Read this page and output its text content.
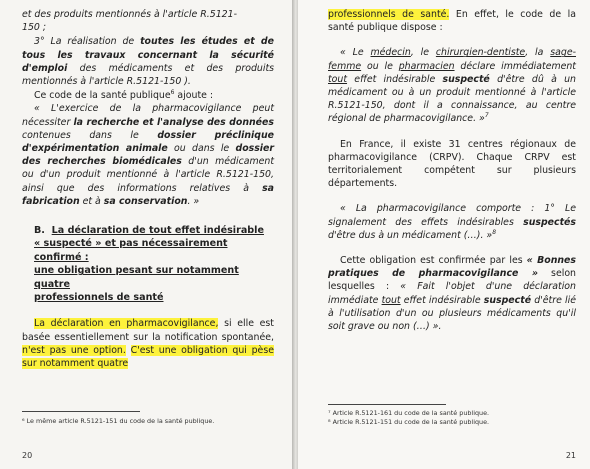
et des produits mentionnés à l'article R.5121-
150 ;

3° La réalisation de toutes les études et de tous les travaux concernant la sécurité d'emploi des médicaments et des produits mentionnés à l'article R.5121-150 ).

Ce code de la santé publique$^6$ ajoute :

« L'exercice de la pharmacovigilance peut nécessiter la recherche et l'analyse des données contenues dans le dossier préclinique d'expérimentation animale ou dans le dossier des recherches biomédicales d'un médicament ou d'un produit mentionné à l'article R.5121-150, ainsi que des informations relatives à sa fabrication et à sa conservation. »

B. La déclaration de tout effet indésirable
« suspecté » et pas nécessairement confirmé :
une obligation pesant sur notamment quatre
professionnels de santé

La déclaration en pharmacovigilance, si elle est basée essentiellement sur la notification spontanée, n'est pas une option. C'est une obligation qui pèse sur notamment quatre

⁶ Le même article R.5121-151 du code de la santé publique.
20

professionnels de santé. En effet, le code de la santé publique dispose :

« Le médecin, le chirurgien-dentiste, la sage-femme ou le pharmacien déclare immédiatement tout effet indésirable suspecté d'être dû à un médicament ou à un produit mentionné à l'article R.5121-150, dont il a connaissance, au centre régional de pharmacovigilance. »$^7$

En France, il existe 31 centres régionaux de pharmacovigilance (CRPV). Chaque CRPV est territorialement compétent sur plusieurs départements.

« La pharmacovigilance comporte : 1° Le signalement des effets indésirables suspectés d'être dus à un médicament (…). »$^8$

Cette obligation est confirmée par les « Bonnes pratiques de pharmacovigilance » selon lesquelles : « Fait l'objet d'une déclaration immédiate tout effet indésirable suspecté d'être lié à l'utilisation d'un ou plusieurs médicaments qu'il soit grave ou non (…) ».

⁷ Article R.5121-161 du code de la santé publique.
⁸ Article R.5121-151 du code de la santé publique.
21
